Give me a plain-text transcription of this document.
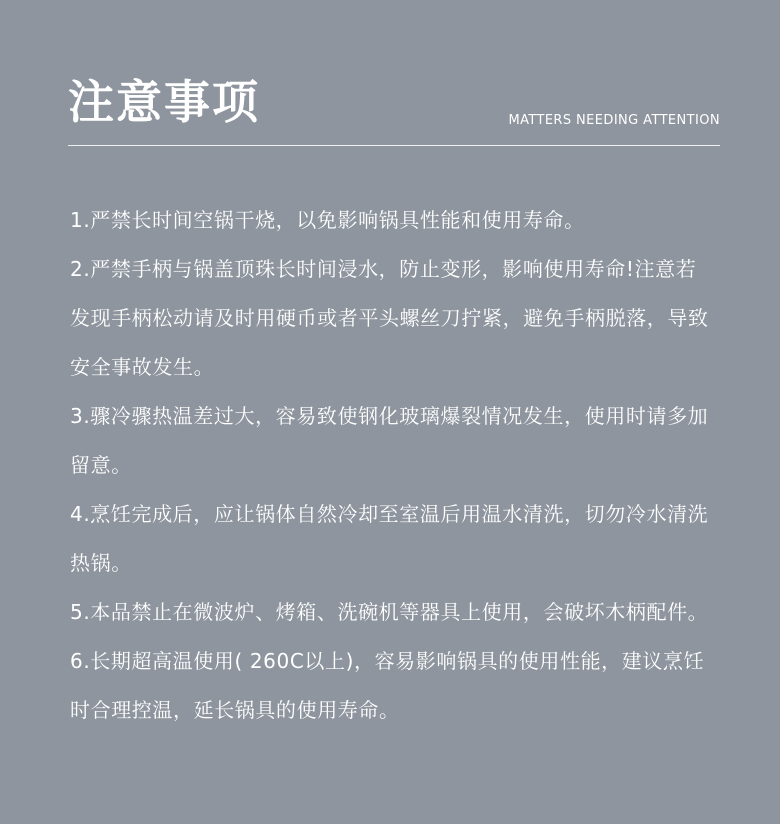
注意事项	MATTERS NEEDING ATTENTION
1.严禁长时间空锅干烧，以免影响锅具性能和使用寿命。
2.严禁手柄与锅盖顶珠长时间浸水，防止变形，影响使用寿命!注意若发现手柄松动请及时用硬币或者平头螺丝刀拧紧，避免手柄脱落，导致安全事故发生。
3.骤冷骤热温差过大，容易致使钢化玻璃爆裂情况发生，使用时请多加留意。
4.烹饪完成后，应让锅体自然冷却至室温后用温水清洗，切勿冷水清洗热锅。
5.本品禁止在微波炉、烤箱、洗碗机等器具上使用，会破坏木柄配件。
6.长期超高温使用( 260C以上)，容易影响锅具的使用性能，建议烹饪时合理控温，延长锅具的使用寿命。
